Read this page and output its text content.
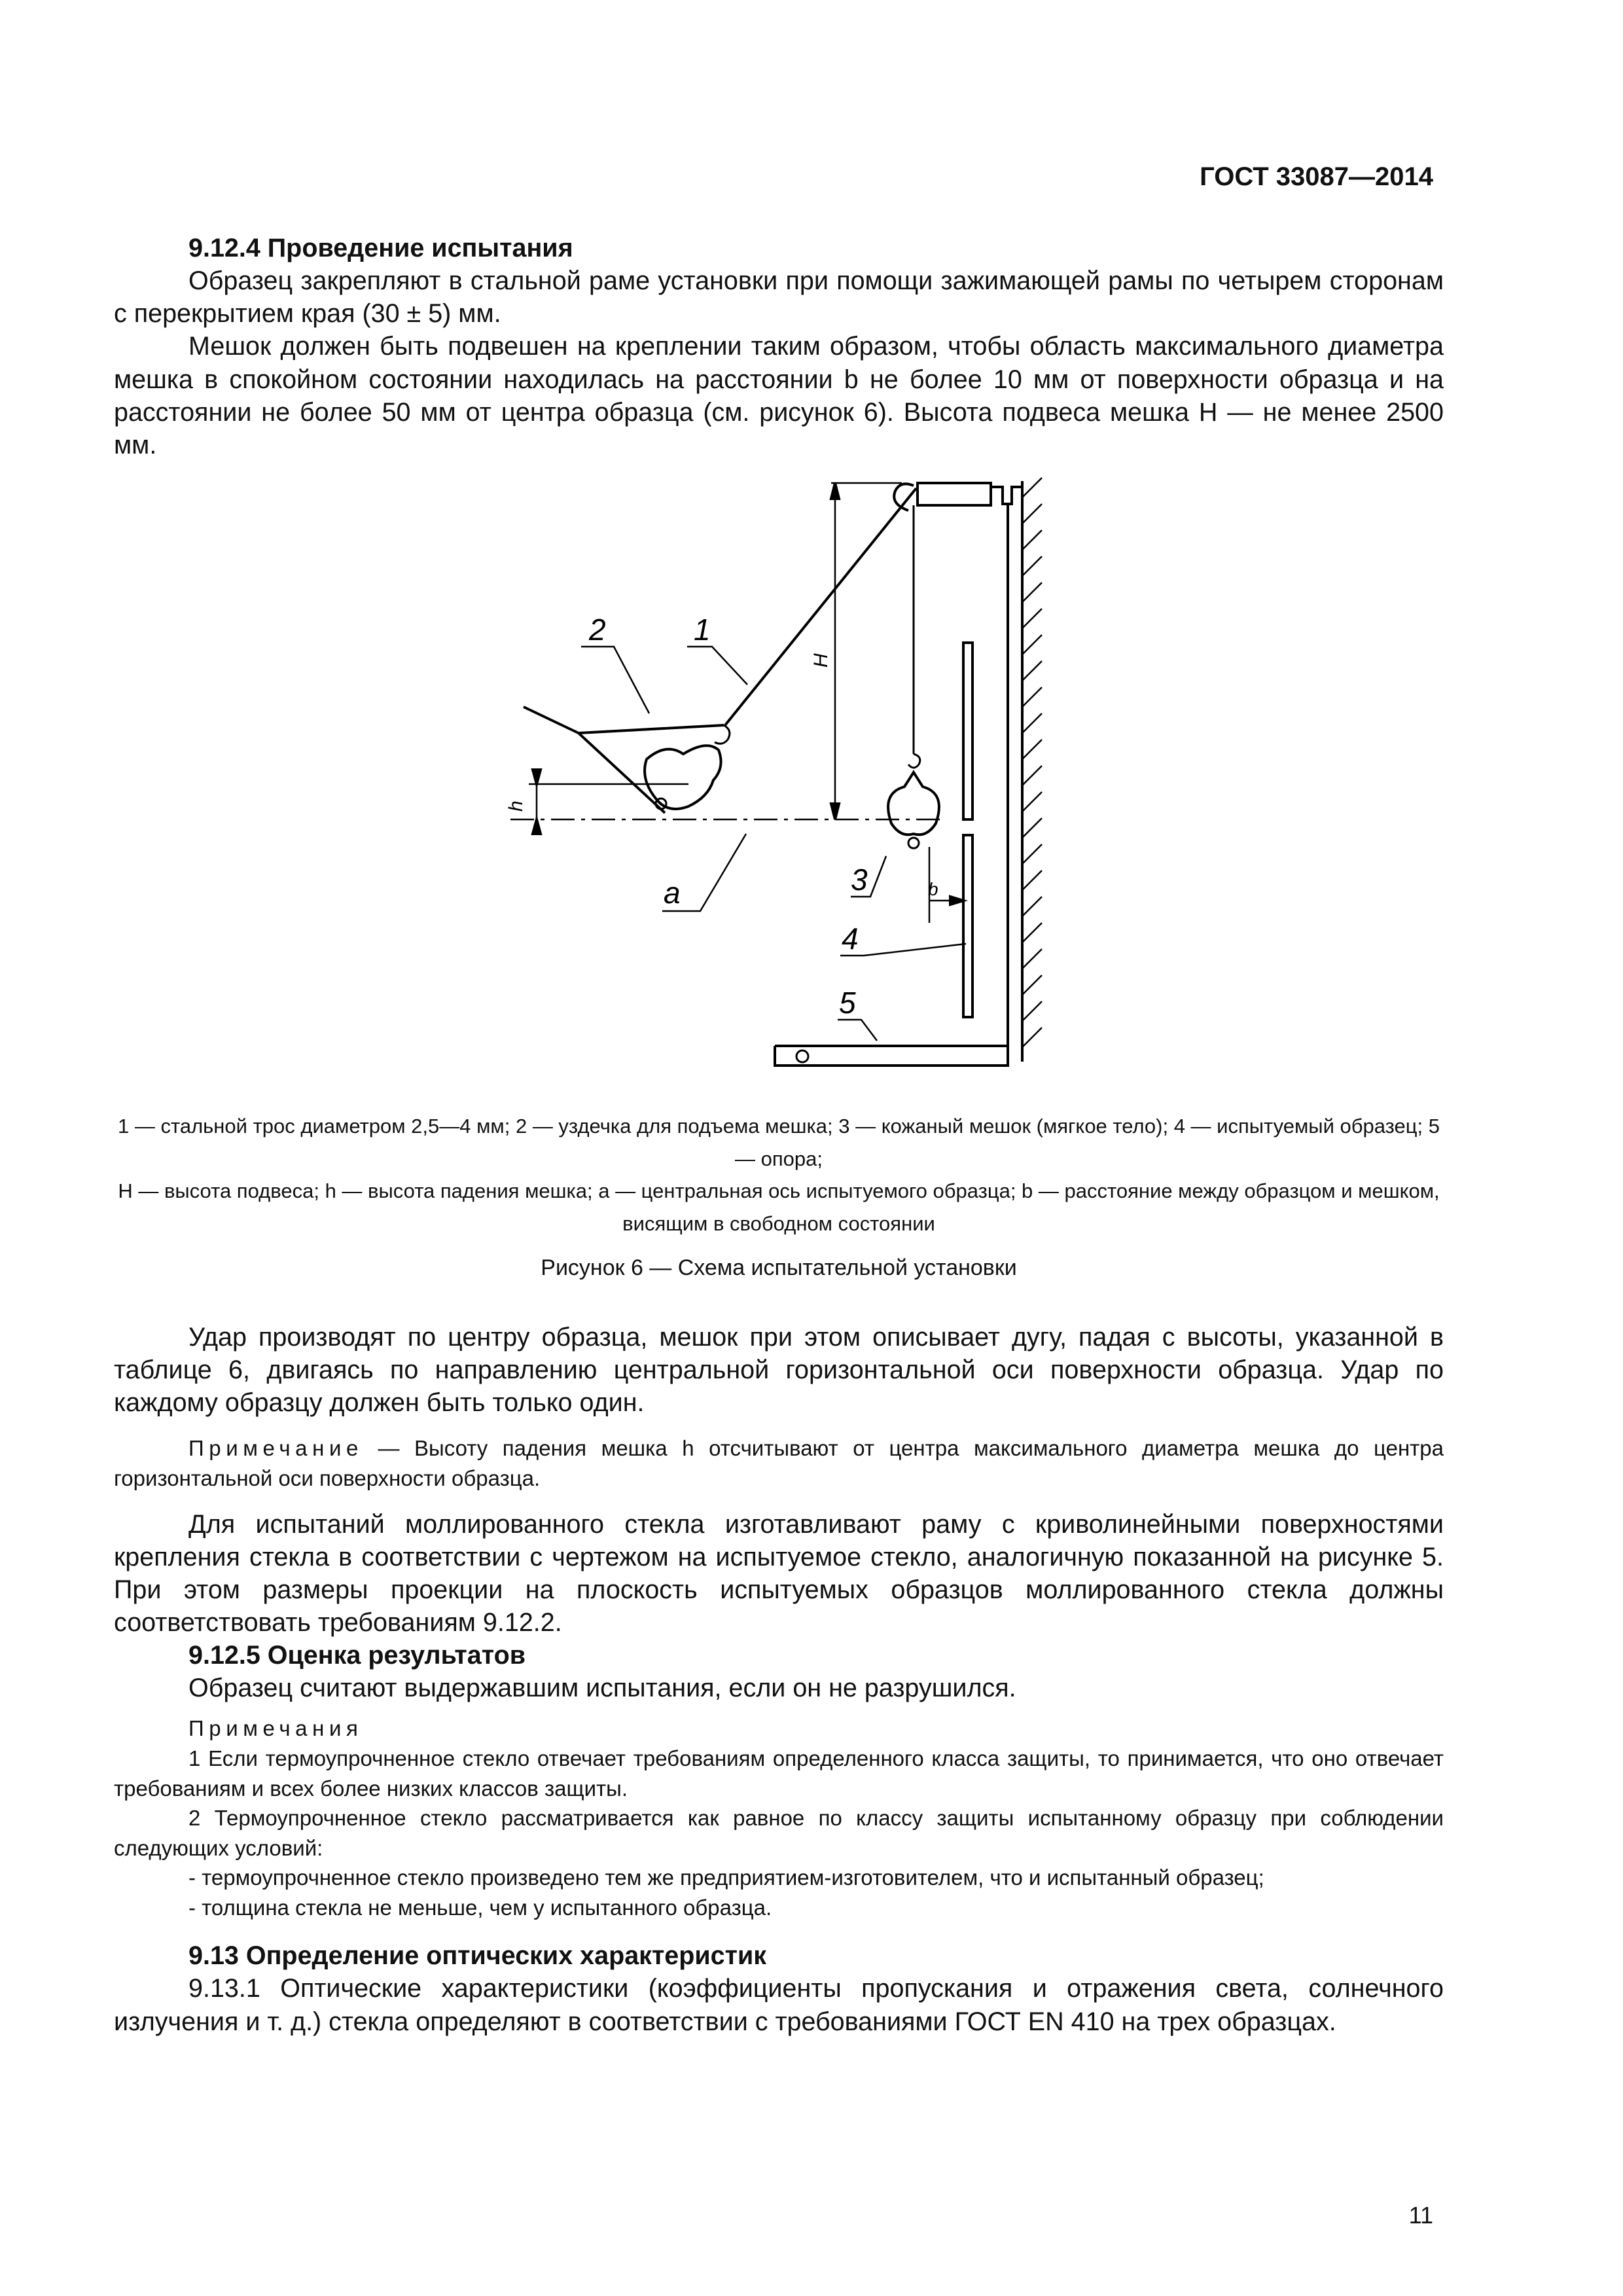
ГОСТ 33087—2014

9.12.4 Проведение испытания

Образец закрепляют в стальной раме установки при помощи зажимающей рамы по четырем сторонам с перекрытием края (30 ± 5) мм.

Мешок должен быть подвешен на креплении таким образом, чтобы область максимального диаметра мешка в спокойном состоянии находилась на расстоянии b не более 10 мм от поверхности образца и на расстоянии не более 50 мм от центра образца (см. рисунок 6). Высота подвеса мешка H — не менее 2500 мм.

2	1
a	3
4
5
b
h
H
1 — стальной трос диаметром 2,5—4 мм; 2 — уздечка для подъема мешка; 3 — кожаный мешок (мягкое тело); 4 — испытуемый образец; 5 — опора;
H — высота подвеса; h — высота падения мешка; a — центральная ось испытуемого образца; b — расстояние между образцом и мешком, висящим в свободном состоянии
Рисунок 6 — Схема испытательной установки

Удар производят по центру образца, мешок при этом описывает дугу, падая с высоты, указанной в таблице 6, двигаясь по направлению центральной горизонтальной оси поверхности образца. Удар по каждому образцу должен быть только один.

Примечание — Высоту падения мешка h отсчитывают от центра максимального диаметра мешка до центра горизонтальной оси поверхности образца.

Для испытаний моллированного стекла изготавливают раму с криволинейными поверхностями крепления стекла в соответствии с чертежом на испытуемое стекло, аналогичную показанной на рисунке 5. При этом размеры проекции на плоскость испытуемых образцов моллированного стекла должны соответствовать требованиям 9.12.2.

9.12.5 Оценка результатов

Образец считают выдержавшим испытания, если он не разрушился.

Примечания

1 Если термоупрочненное стекло отвечает требованиям определенного класса защиты, то принимается, что оно отвечает требованиям и всех более низких классов защиты.

2 Термоупрочненное стекло рассматривается как равное по классу защиты испытанному образцу при соблюдении следующих условий:

- термоупрочненное стекло произведено тем же предприятием-изготовителем, что и испытанный образец;

- толщина стекла не меньше, чем у испытанного образца.

9.13 Определение оптических характеристик

9.13.1 Оптические характеристики (коэффициенты пропускания и отражения света, солнечного излучения и т. д.) стекла определяют в соответствии с требованиями ГОСТ EN 410 на трех образцах.

11
